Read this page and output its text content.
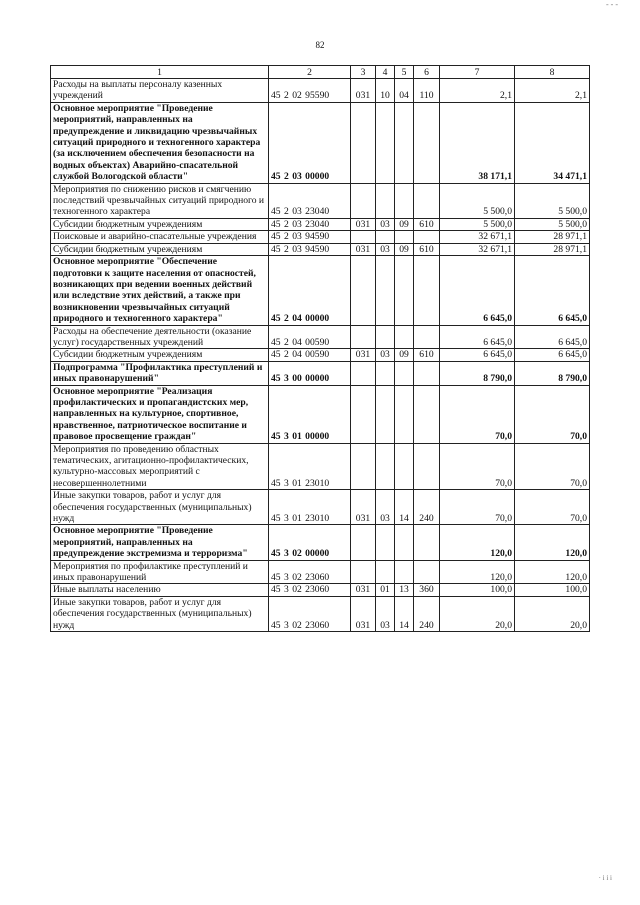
82
- - -
· і і і
1	2	3	4	5	6	7	8
Расходы на выплаты персоналу казенных учреждений	45 2 02 95590	031	10	04	110	2,1	2,1
Основное мероприятие "Проведение мероприятий, направленных на предупреждение и ликвидацию чрезвычайных ситуаций природного и техногенного характера (за исключением обеспечения безопасности на водных объектах) Аварийно-спасательной службой Вологодской области"	45 2 03 00000					38 171,1	34 471,1
Мероприятия по снижению рисков и смягчению последствий чрезвычайных ситуаций природного и техногенного характера	45 2 03 23040					5 500,0	5 500,0
Субсидии бюджетным учреждениям	45 2 03 23040	031	03	09	610	5 500,0	5 500,0
Поисковые и аварийно-спасательные учреждения	45 2 03 94590					32 671,1	28 971,1
Субсидии бюджетным учреждениям	45 2 03 94590	031	03	09	610	32 671,1	28 971,1
Основное мероприятие "Обеспечение подготовки к защите населения от опасностей, возникающих при ведении военных действий или вследствие этих действий, а также при возникновении чрезвычайных ситуаций природного и техногенного характера"	45 2 04 00000					6 645,0	6 645,0
Расходы на обеспечение деятельности (оказание услуг) государственных учреждений	45 2 04 00590					6 645,0	6 645,0
Субсидии бюджетным учреждениям	45 2 04 00590	031	03	09	610	6 645,0	6 645,0
Подпрограмма "Профилактика преступлений и иных правонарушений"	45 3 00 00000					8 790,0	8 790,0
Основное мероприятие "Реализация профилактических и пропагандистских мер, направленных на культурное, спортивное, нравственное, патриотическое воспитание и правовое просвещение граждан"	45 3 01 00000					70,0	70,0
Мероприятия по проведению областных тематических, агитационно-профилактических, культурно-массовых мероприятий с несовершеннолетними	45 3 01 23010					70,0	70,0
Иные закупки товаров, работ и услуг для обеспечения государственных (муниципальных) нужд	45 3 01 23010	031	03	14	240	70,0	70,0
Основное мероприятие "Проведение мероприятий, направленных на предупреждение экстремизма и терроризма"	45 3 02 00000					120,0	120,0
Мероприятия по профилактике преступлений и иных правонарушений	45 3 02 23060					120,0	120,0
Иные выплаты населению	45 3 02 23060	031	01	13	360	100,0	100,0
Иные закупки товаров, работ и услуг для обеспечения государственных (муниципальных) нужд	45 3 02 23060	031	03	14	240	20,0	20,0
